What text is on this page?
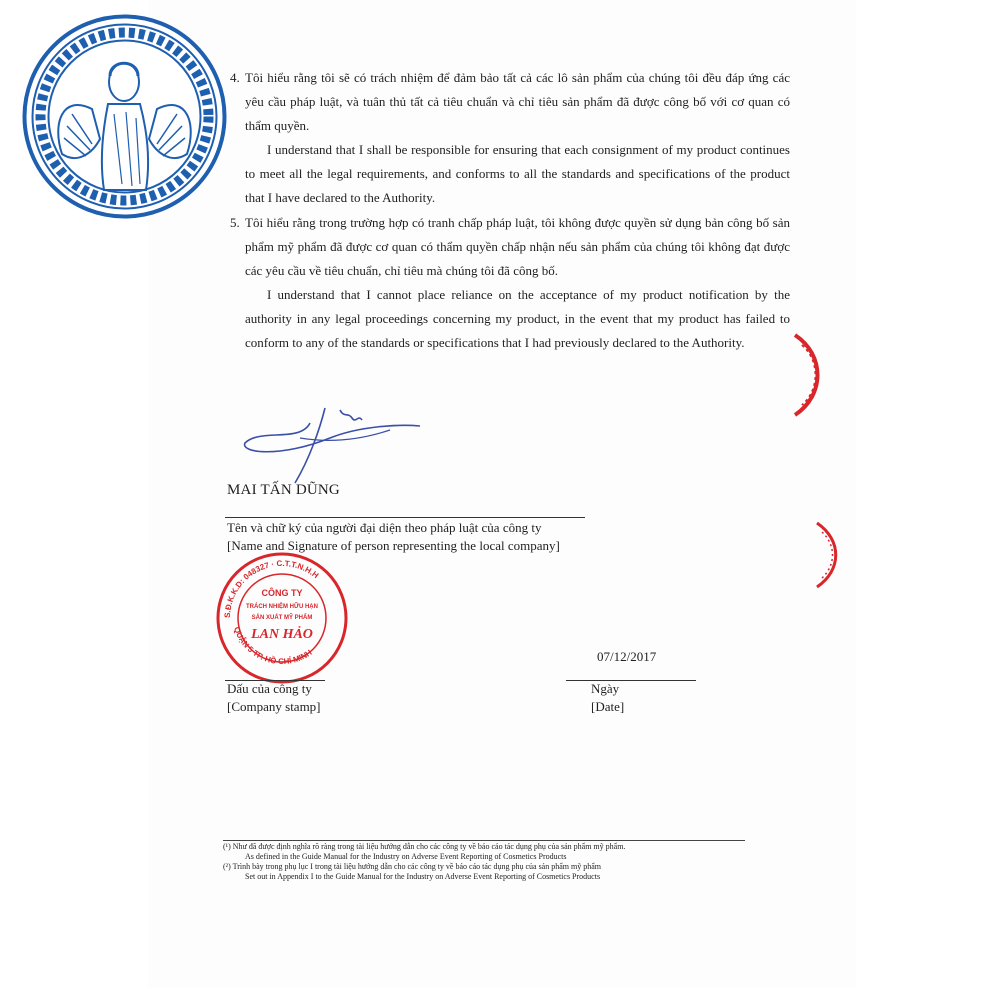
4. Tôi hiểu rằng tôi sẽ có trách nhiệm để đảm bảo tất cả các lô sản phẩm của chúng tôi đều đáp ứng các yêu cầu pháp luật, và tuân thủ tất cả tiêu chuẩn và chỉ tiêu sản phẩm đã được công bố với cơ quan có thẩm quyền.
I understand that I shall be responsible for ensuring that each consignment of my product continues to meet all the legal requirements, and conforms to all the standards and specifications of the product that I have declared to the Authority.
5. Tôi hiểu rằng trong trường hợp có tranh chấp pháp luật, tôi không được quyền sử dụng bản công bố sản phẩm mỹ phẩm đã được cơ quan có thẩm quyền chấp nhận nếu sản phẩm của chúng tôi không đạt được các yêu cầu về tiêu chuẩn, chỉ tiêu mà chúng tôi đã công bố.
I understand that I cannot place reliance on the acceptance of my product notification by the authority in any legal proceedings concerning my product, in the event that my product has failed to conform to any of the standards or specifications that I had previously declared to the Authority.
MAI TẤN DŨNG
Tên và chữ ký của người đại diện theo pháp luật của công ty
[Name and Signature of person representing the local company]
S.Đ.K.K.D: 048327 · C.T.T.N.H.H
QUẬN 5 TP. HỒ CHÍ MINH
CÔNG TY
TRÁCH NHIỆM HỮU HẠN
SẢN XUẤT MỸ PHẨM
LAN HẢO
Dấu của công ty
[Company stamp]
07/12/2017
Ngày
[Date]
(¹) Như đã được định nghĩa rõ ràng trong tài liệu hướng dẫn cho các công ty về báo cáo tác dụng phụ của sản phẩm mỹ phẩm.
As defined in the Guide Manual for the Industry on Adverse Event Reporting of Cosmetics Products
(²) Trình bày trong phụ lục I trong tài liệu hướng dẫn cho các công ty về báo cáo tác dụng phụ của sản phẩm mỹ phẩm
Set out in Appendix I to the Guide Manual for the Industry on Adverse Event Reporting of Cosmetics Products
